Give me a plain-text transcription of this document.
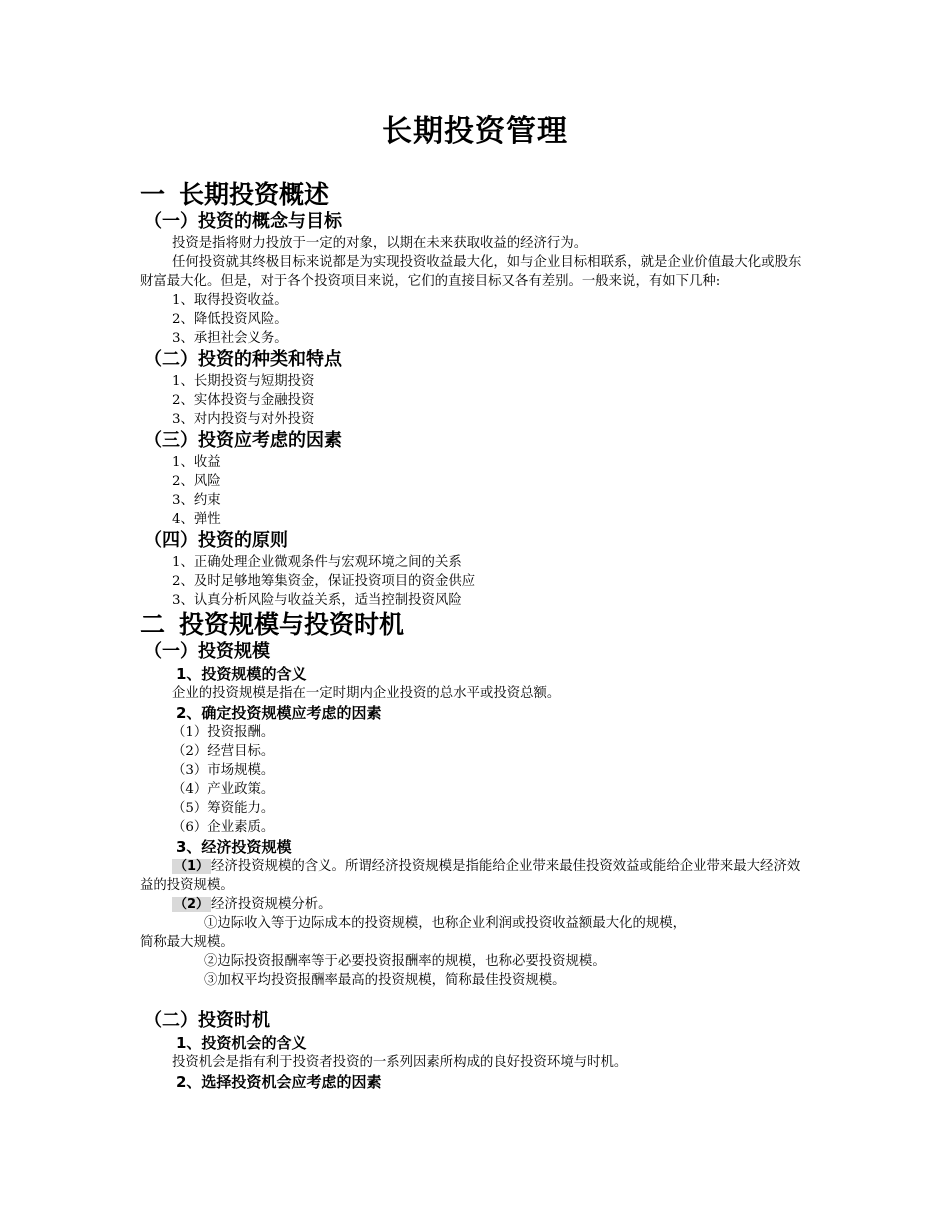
长期投资管理
一 长期投资概述
（一）投资的概念与目标
投资是指将财力投放于一定的对象，以期在未来获取收益的经济行为。
任何投资就其终极目标来说都是为实现投资收益最大化，如与企业目标相联系，就是企业价值最大化或股东财富最大化。但是，对于各个投资项目来说，它们的直接目标又各有差别。一般来说，有如下几种:
1、取得投资收益。
2、降低投资风险。
3、承担社会义务。
（二）投资的种类和特点
1、长期投资与短期投资
2、实体投资与金融投资
3、对内投资与对外投资
（三）投资应考虑的因素
1、收益
2、风险
3、约束
4、弹性
（四）投资的原则
1、正确处理企业微观条件与宏观环境之间的关系
2、及时足够地筹集资金，保证投资项目的资金供应
3、认真分析风险与收益关系，适当控制投资风险
二 投资规模与投资时机
（一）投资规模
1、投资规模的含义
企业的投资规模是指在一定时期内企业投资的总水平或投资总额。
2、确定投资规模应考虑的因素
（1）投资报酬。
（2）经营目标。
（3）市场规模。
（4）产业政策。
（5）筹资能力。
（6）企业素质。
3、经济投资规模
（1） 经济投资规模的含义。所谓经济投资规模是指能给企业带来最佳投资效益或能给企业带来最大经济效益的投资规模。
（2） 经济投资规模分析。
①边际收入等于边际成本的投资规模，也称企业利润或投资收益额最大化的规模，
简称最大规模。
②边际投资报酬率等于必要投资报酬率的规模，也称必要投资规模。
③加权平均投资报酬率最高的投资规模，简称最佳投资规模。
（二）投资时机
1、投资机会的含义
投资机会是指有利于投资者投资的一系列因素所构成的良好投资环境与时机。
2、选择投资机会应考虑的因素
